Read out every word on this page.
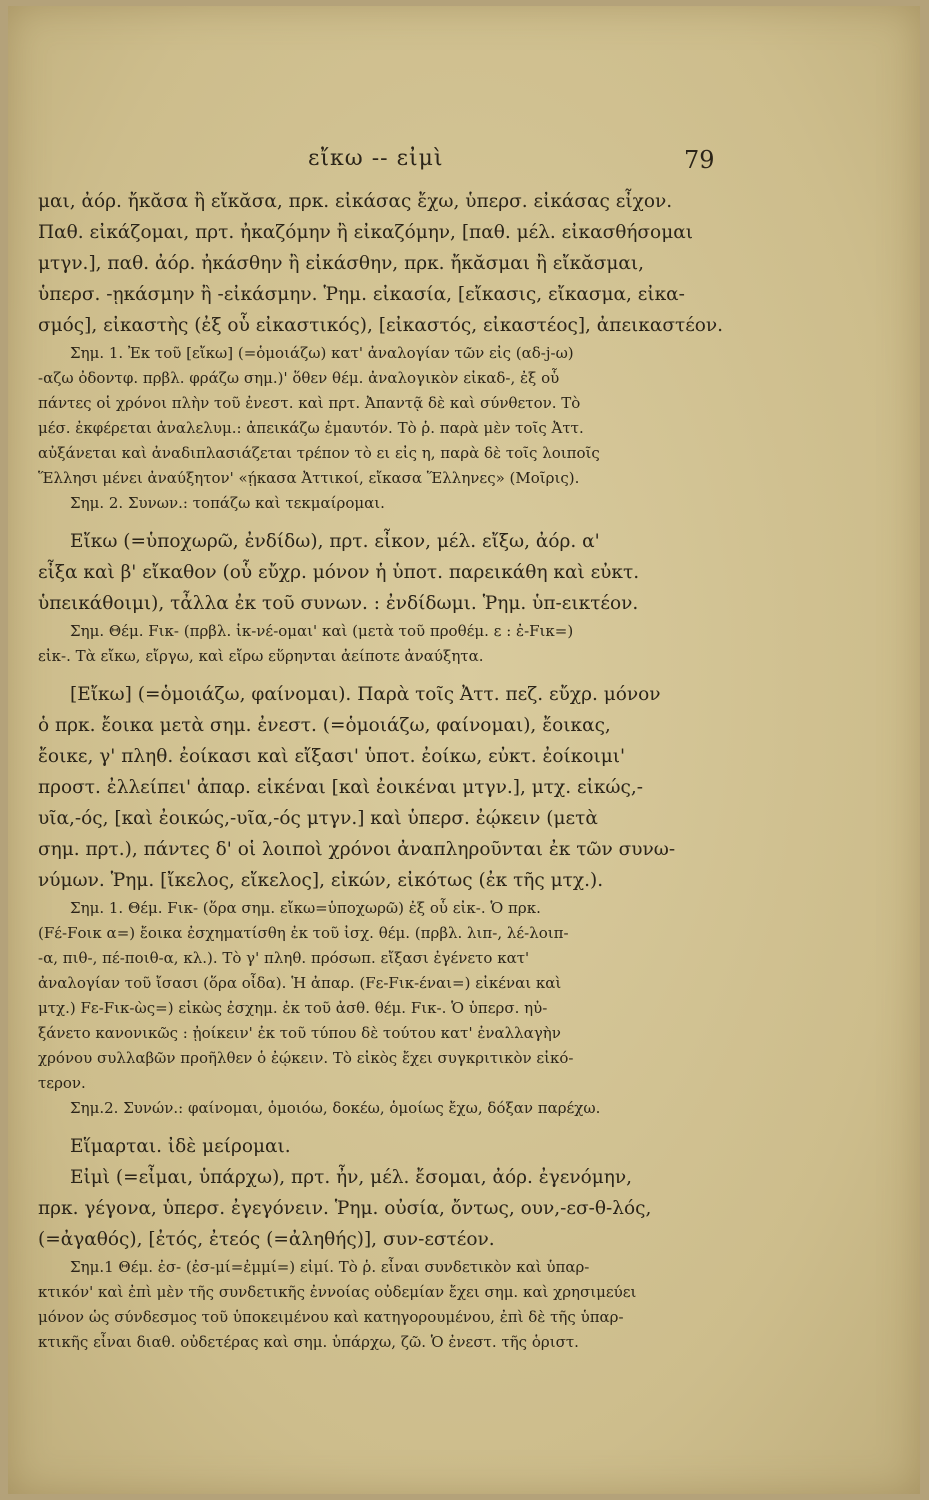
εἴκω -- εἰμὶ	79
μαι, ἀόρ. ἤκᾰσα ἢ εἴκᾰσα, πρκ. εἰκάσας ἔχω, ὑπερσ. εἰκάσας εἶχον.
Παθ. εἰκάζομαι, πρτ. ἠκαζόμην ἢ εἰκαζόμην, [παθ. μέλ. εἰκασθήσομαι
μτγν.], παθ. ἀόρ. ἠκάσθην ἢ εἰκάσθην, πρκ. ἤκᾰσμαι ἢ εἴκᾰσμαι,
ὑπερσ. -ῃκάσμην ἢ -εἰκάσμην. Ῥημ. εἰκασία, [εἴκασις, εἴκασμα, εἰκα-
σμός], εἰκαστὴς (ἐξ οὗ εἰκαστικός), [εἰκαστός, εἰκαστέος], ἀπεικαστέον.
Σημ. 1. Ἐκ τοῦ [εἴκω] (=ὁμοιάζω) κατ' ἀναλογίαν τῶν εἰς (αδ-j-ω)
-αζω ὀδοντφ. πρβλ. φράζω σημ.)' ὅθεν θέμ. ἀναλογικὸν εἰκαδ-, ἐξ οὗ
πάντες οἱ χρόνοι πλὴν τοῦ ἐνεστ. καὶ πρτ. Ἀπαντᾷ δὲ καὶ σύνθετον. Τὸ
μέσ. ἐκφέρεται ἀναλελυμ.: ἀπεικάζω ἐμαυτόν. Τὸ ῥ. παρὰ μὲν τοῖς Ἀττ.
αὐξάνεται καὶ ἀναδιπλασιάζεται τρέπον τὸ ει εἰς η, παρὰ δὲ τοῖς λοιποῖς
Ἕλλησι μένει ἀναύξητον' «ῄκασα Ἀττικοί, εἴκασα Ἕλληνες» (Μοῖρις).
Σημ. 2. Συνων.: τοπάζω καὶ τεκμαίρομαι.
Εἴκω (=ὑποχωρῶ, ἐνδίδω), πρτ. εἶκον, μέλ. εἴξω, ἀόρ. α'
εἶξα καὶ β' εἴκαθον (οὗ εὔχρ. μόνον ἡ ὑποτ. παρεικάθη καὶ εὐκτ.
ὑπεικάθοιμι), τἆλλα ἐκ τοῦ συνων. : ἐνδίδωμι. Ῥημ. ὑπ-εικτέον.
Σημ. Θέμ. Fικ- (πρβλ. ἱκ-νέ-ομαι' καὶ (μετὰ τοῦ προθέμ. ε : ἐ-Fικ=)
εἰκ-. Τὰ εἴκω, εἴργω, καὶ εἴρω εὕρηνται ἀείποτε ἀναύξητα.
[Εἴκω] (=ὁμοιάζω, φαίνομαι). Παρὰ τοῖς Ἀττ. πεζ. εὔχρ. μόνον
ὁ πρκ. ἔοικα μετὰ σημ. ἐνεστ. (=ὁμοιάζω, φαίνομαι), ἔοικας,
ἔοικε, γ' πληθ. ἐοίκασι καὶ εἴξασι' ὑποτ. ἐοίκω, εὐκτ. ἐοίκοιμι'
προστ. ἐλλείπει' ἀπαρ. εἰκέναι [καὶ ἐοικέναι μτγν.], μτχ. εἰκώς,-
υῖα,-ός, [καὶ ἐοικώς,-υῖα,-ός μτγν.] καὶ ὑπερσ. ἐῴκειν (μετὰ
σημ. πρτ.), πάντες δ' οἱ λοιποὶ χρόνοι ἀναπληροῦνται ἐκ τῶν συνω-
νύμων. Ῥημ. [ἴκελος, εἴκελος], εἰκών, εἰκότως (ἐκ τῆς μτχ.).
Σημ. 1. Θέμ. Fικ- (ὅρα σημ. εἴκω=ὑποχωρῶ) ἐξ οὗ εἰκ-. Ὁ πρκ.
(Fέ-Fοικ α=) ἔοικα ἐσχηματίσθη ἐκ τοῦ ἰσχ. θέμ. (πρβλ. λιπ-, λέ-λοιπ-
-α, πιθ-, πέ-ποιθ-α, κλ.). Τὸ γ' πληθ. πρόσωπ. εἴξασι ἐγένετο κατ'
ἀναλογίαν τοῦ ἴσασι (ὅρα οἶδα). Ἡ ἀπαρ. (Fε-Fικ-έναι=) εἰκέναι καὶ
μτχ.) Fε-Fικ-ὼς=) εἰκὼς ἐσχημ. ἐκ τοῦ ἀσθ. θέμ. Fικ-. Ὁ ὑπερσ. ηὐ-
ξάνετο κανονικῶς : ᾐοίκειν' ἐκ τοῦ τύπου δὲ τούτου κατ' ἐναλλαγὴν
χρόνου συλλαβῶν προῆλθεν ὁ ἐῴκειν. Τὸ εἰκὸς ἔχει συγκριτικὸν εἰκό-
τερον.
Σημ.2. Συνών.: φαίνομαι, ὁμοιόω, δοκέω, ὁμοίως ἔχω, δόξαν παρέχω.
Εἵμαρται. ἰδὲ μείρομαι.
Εἰμὶ (=εἶμαι, ὑπάρχω), πρτ. ἦν, μέλ. ἔσομαι, ἀόρ. ἐγενόμην,
πρκ. γέγονα, ὑπερσ. ἐγεγόνειν. Ῥημ. οὐσία, ὄντως, ουν,-εσ-θ-λός,
(=ἀγαθός), [ἐτός, ἐτεός (=ἀληθής)], συν-εστέον.
Σημ.1 Θέμ. ἐσ- (ἐσ-μί=ἐμμί=) εἰμί. Τὸ ῥ. εἶναι συνδετικὸν καὶ ὑπαρ-
κτικόν' καὶ ἐπὶ μὲν τῆς συνδετικῆς ἐννοίας οὐδεμίαν ἔχει σημ. καὶ χρησιμεύει
μόνον ὡς σύνδεσμος τοῦ ὑποκειμένου καὶ κατηγορουμένου, ἐπὶ δὲ τῆς ὑπαρ-
κτικῆς εἶναι διαθ. οὐδετέρας καὶ σημ. ὑπάρχω, ζῶ. Ὁ ἐνεστ. τῆς ὁριστ.
